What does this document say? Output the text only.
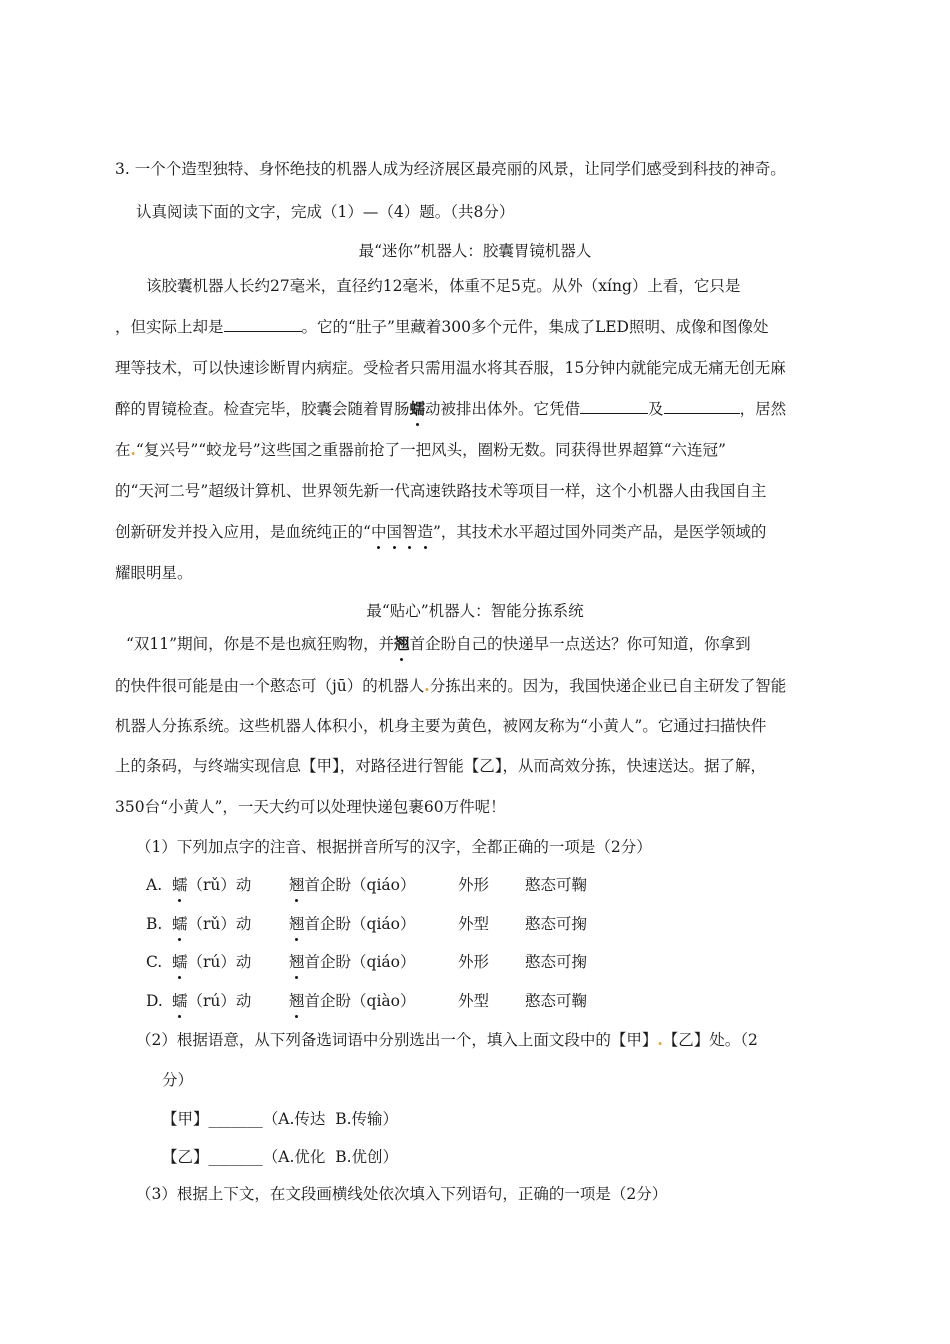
3. 一个个造型独特、身怀绝技的机器人成为经济展区最亮丽的风景，让同学们感受到科技的神奇。
认真阅读下面的文字，完成（1）—（4）题。（共8分）
最“迷你”机器人：胶囊胃镜机器人
该胶囊机器人长约27毫米，直径约12毫米，体重不足5克。从外（xíng）上看，它只是
，但实际上却是	。它的“肚子”里藏着300多个元件，集成了LED照明、成像和图像处
理等技术，可以快速诊断胃内病症。受检者只需用温水将其吞服，15分钟内就能完成无痛无创无麻
醉的胃镜检查。检查完毕，胶囊会随着胃肠蠕动被排出体外。它凭借	及	，居然
在.“复兴号”“蛟龙号”这些国之重器前抢了一把风头，圈粉无数。同获得世界超算“六连冠”
的“天河二号”超级计算机、世界领先新一代高速铁路技术等项目一样，这个小机器人由我国自主
创新研发并投入应用，是血统纯正的“中国智造”，其技术水平超过国外同类产品，是医学领域的
耀眼明星。
最“贴心”机器人：智能分拣系统
“双11”期间，你是不是也疯狂购物，并翘首企盼自己的快递早一点送达？你可知道，你拿到
的快件很可能是由一个憨态可（jū）的机器人.分拣出来的。因为，我国快递企业已自主研发了智能
机器人分拣系统。这些机器人体积小，机身主要为黄色，被网友称为“小黄人”。它通过扫描快件
上的条码，与终端实现信息【甲】，对路径进行智能【乙】，从而高效分拣，快速送达。据了解，
350台“小黄人”，一天大约可以处理快递包裹60万件呢！
（1）下列加点字的注音、根据拼音所写的汉字，全都正确的一项是（2分）
A. 蠕（rǔ）动 翘首企盼（qiáo）	外形 憨态可鞠
B. 蠕（rǔ）动 翘首企盼（qiáo）	外型 憨态可掬
C. 蠕（rú）动 翘首企盼（qiáo）	外形 憨态可掬
D. 蠕（rú）动 翘首企盼（qiào）	外型 憨态可鞠
（2）根据语意，从下列备选词语中分别选出一个，填入上面文段中的【甲】.【乙】处。（2
分）
【甲】_______（A.传达  B.传输）
【乙】_______（A.优化  B.优创）
（3）根据上下文，在文段画横线处依次填入下列语句，正确的一项是（2分）
